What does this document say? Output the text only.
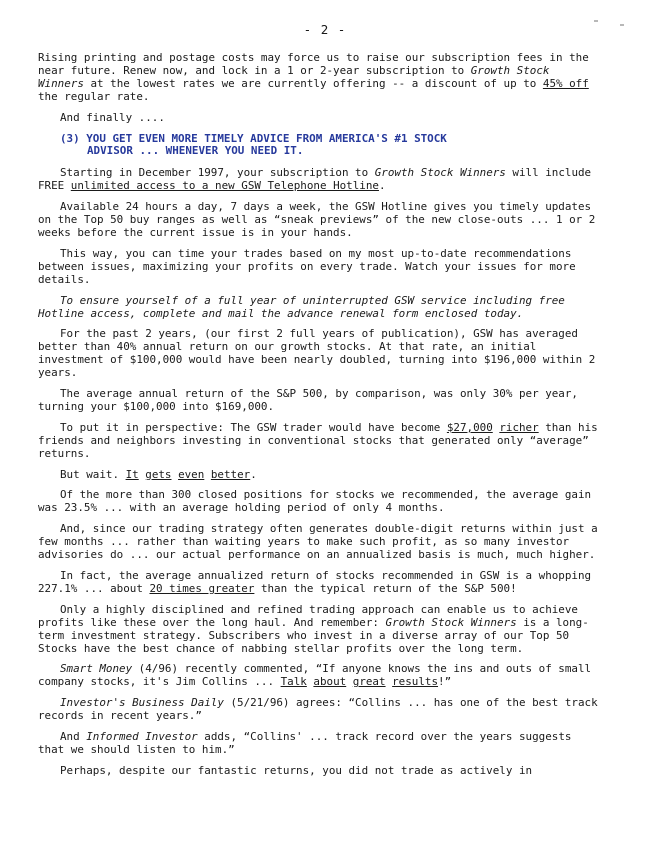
- 2 -

Rising printing and postage costs may force us to raise our subscription fees in the near future. Renew now, and lock in a 1 or 2-year subscription to Growth Stock Winners at the lowest rates we are currently offering -- a discount of up to 45% off the regular rate.

And finally ....

(3) YOU GET EVEN MORE TIMELY ADVICE FROM AMERICA'S #1 STOCK
ADVISOR ... WHENEVER YOU NEED IT.

Starting in December 1997, your subscription to Growth Stock Winners will include FREE unlimited access to a new GSW Telephone Hotline.

Available 24 hours a day, 7 days a week, the GSW Hotline gives you timely updates on the Top 50 buy ranges as well as “sneak previews” of the new close-outs ... 1 or 2 weeks before the current issue is in your hands.

This way, you can time your trades based on my most up-to-date recommendations between issues, maximizing your profits on every trade. Watch your issues for more details.

To ensure yourself of a full year of uninterrupted GSW service including free Hotline access, complete and mail the advance renewal form enclosed today.

For the past 2 years, (our first 2 full years of publication), GSW has averaged better than 40% annual return on our growth stocks. At that rate, an initial investment of $100,000 would have been nearly doubled, turning into $196,000 within 2 years.

The average annual return of the S&P 500, by comparison, was only 30% per year, turning your $100,000 into $169,000.

To put it in perspective: The GSW trader would have become $27,000 richer than his friends and neighbors investing in conventional stocks that generated only “average” returns.

But wait. It gets even better.

Of the more than 300 closed positions for stocks we recommended, the average gain was 23.5% ... with an average holding period of only 4 months.

And, since our trading strategy often generates double-digit returns within just a few months ... rather than waiting years to make such profit, as so many investor advisories do ... our actual performance on an annualized basis is much, much higher.

In fact, the average annualized return of stocks recommended in GSW is a whopping 227.1% ... about 20 times greater than the typical return of the S&P 500!

Only a highly disciplined and refined trading approach can enable us to achieve profits like these over the long haul. And remember: Growth Stock Winners is a long-term investment strategy. Subscribers who invest in a diverse array of our Top 50 Stocks have the best chance of nabbing stellar profits over the long term.

Smart Money (4/96) recently commented, “If anyone knows the ins and outs of small company stocks, it's Jim Collins ... Talk about great results!”

Investor's Business Daily (5/21/96) agrees: “Collins ... has one of the best track records in recent years.”

And Informed Investor adds, “Collins' ... track record over the years suggests that we should listen to him.”

Perhaps, despite our fantastic returns, you did not trade as actively in
